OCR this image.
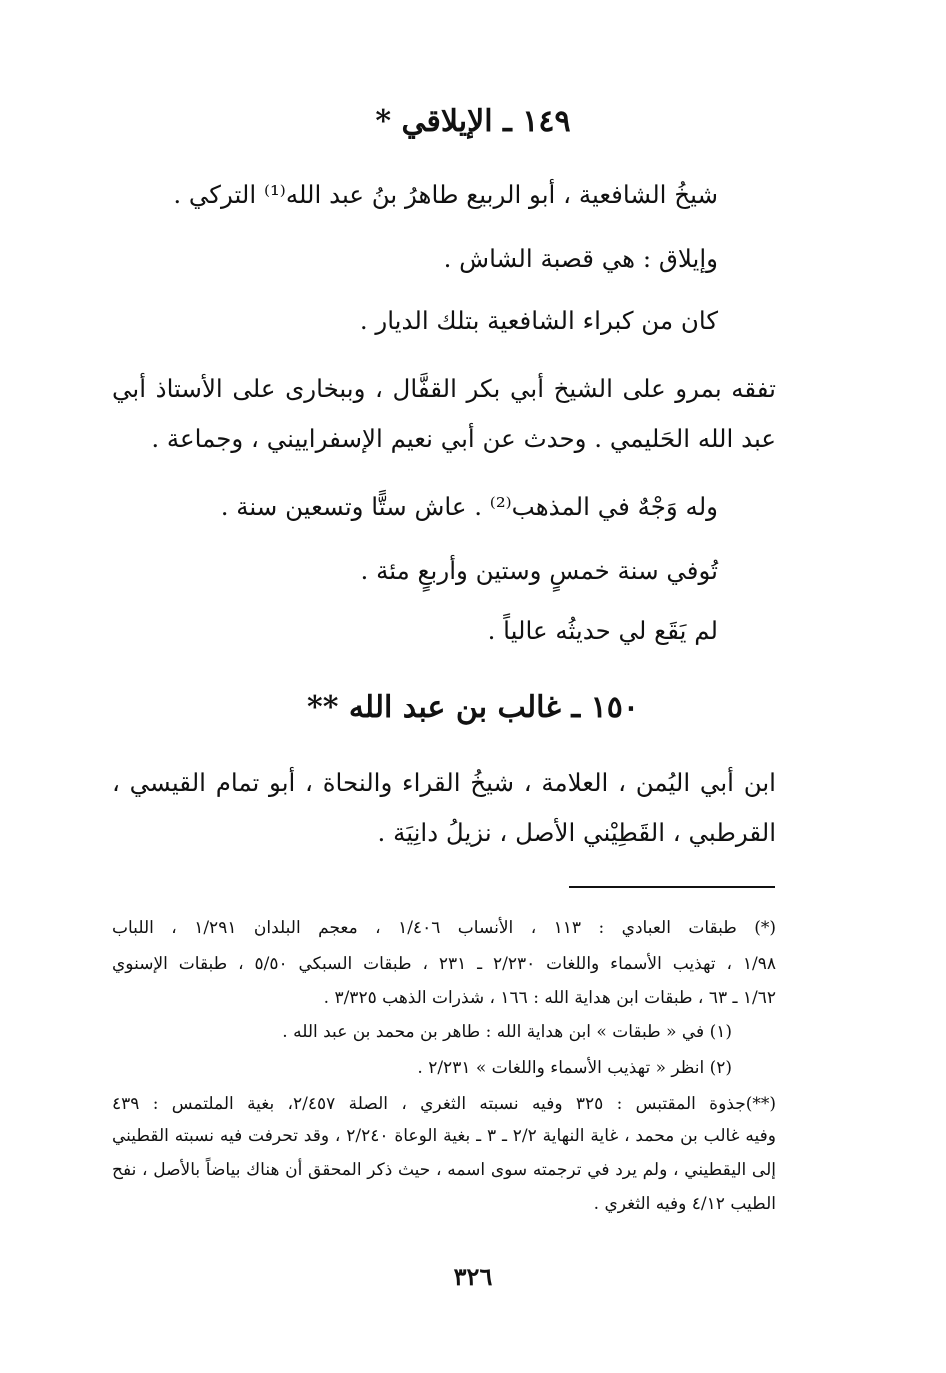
١٤٩ ـ الإيلاقي *
شيخُ الشافعية ، أبو الربيع طاهرُ بنُ عبد الله⁽¹⁾ التركي .
وإيلاق : هي قصبة الشاش .
كان من كبراء الشافعية بتلك الديار .
تفقه بمرو على الشيخ أبي بكر القفَّال ، وببخارى على الأستاذ أبي
عبد الله الحَليمي . وحدث عن أبي نعيم الإسفراييني ، وجماعة .
وله وَجْهٌ في المذهب⁽²⁾ . عاش ستًّا وتسعين سنة .
تُوفي سنة خمسٍ وستين وأربعٍ مئة .
لم يَقَع لي حديثُه عالياً .
١٥٠ ـ غالب بن عبد الله **
ابن أبي اليُمن ، العلامة ، شيخُ القراء والنحاة ، أبو تمام القيسي ،
القرطبي ، القَطِيْني الأصل ، نزيلُ دانِيَة .
(*) طبقات العبادي : ١١٣ ، الأنساب ١/٤٠٦ ، معجم البلدان ١/٢٩١ ، اللباب
١/٩٨ ، تهذيب الأسماء واللغات ٢/٢٣٠ ـ ٢٣١ ، طبقات السبكي ٥/٥٠ ، طبقات الإسنوي
١/٦٢ ـ ٦٣ ، طبقات ابن هداية الله : ١٦٦ ، شذرات الذهب ٣/٣٢٥ .
(١) في « طبقات » ابن هداية الله : طاهر بن محمد بن عبد الله .
(٢) انظر « تهذيب الأسماء واللغات » ٢/٢٣١ .
(**)جذوة المقتبس : ٣٢٥ وفيه نسبته الثغري ، الصلة ٢/٤٥٧، بغية الملتمس : ٤٣٩
وفيه غالب بن محمد ، غاية النهاية ٢/٢ ـ ٣ ـ بغية الوعاة ٢/٢٤٠ ، وقد تحرفت فيه نسبته القطيني
إلى اليقطيني ، ولم يرد في ترجمته سوى اسمه ، حيث ذكر المحقق أن هناك بياضاً بالأصل ، نفح
الطيب ٤/١٢ وفيه الثغري .
٣٢٦
